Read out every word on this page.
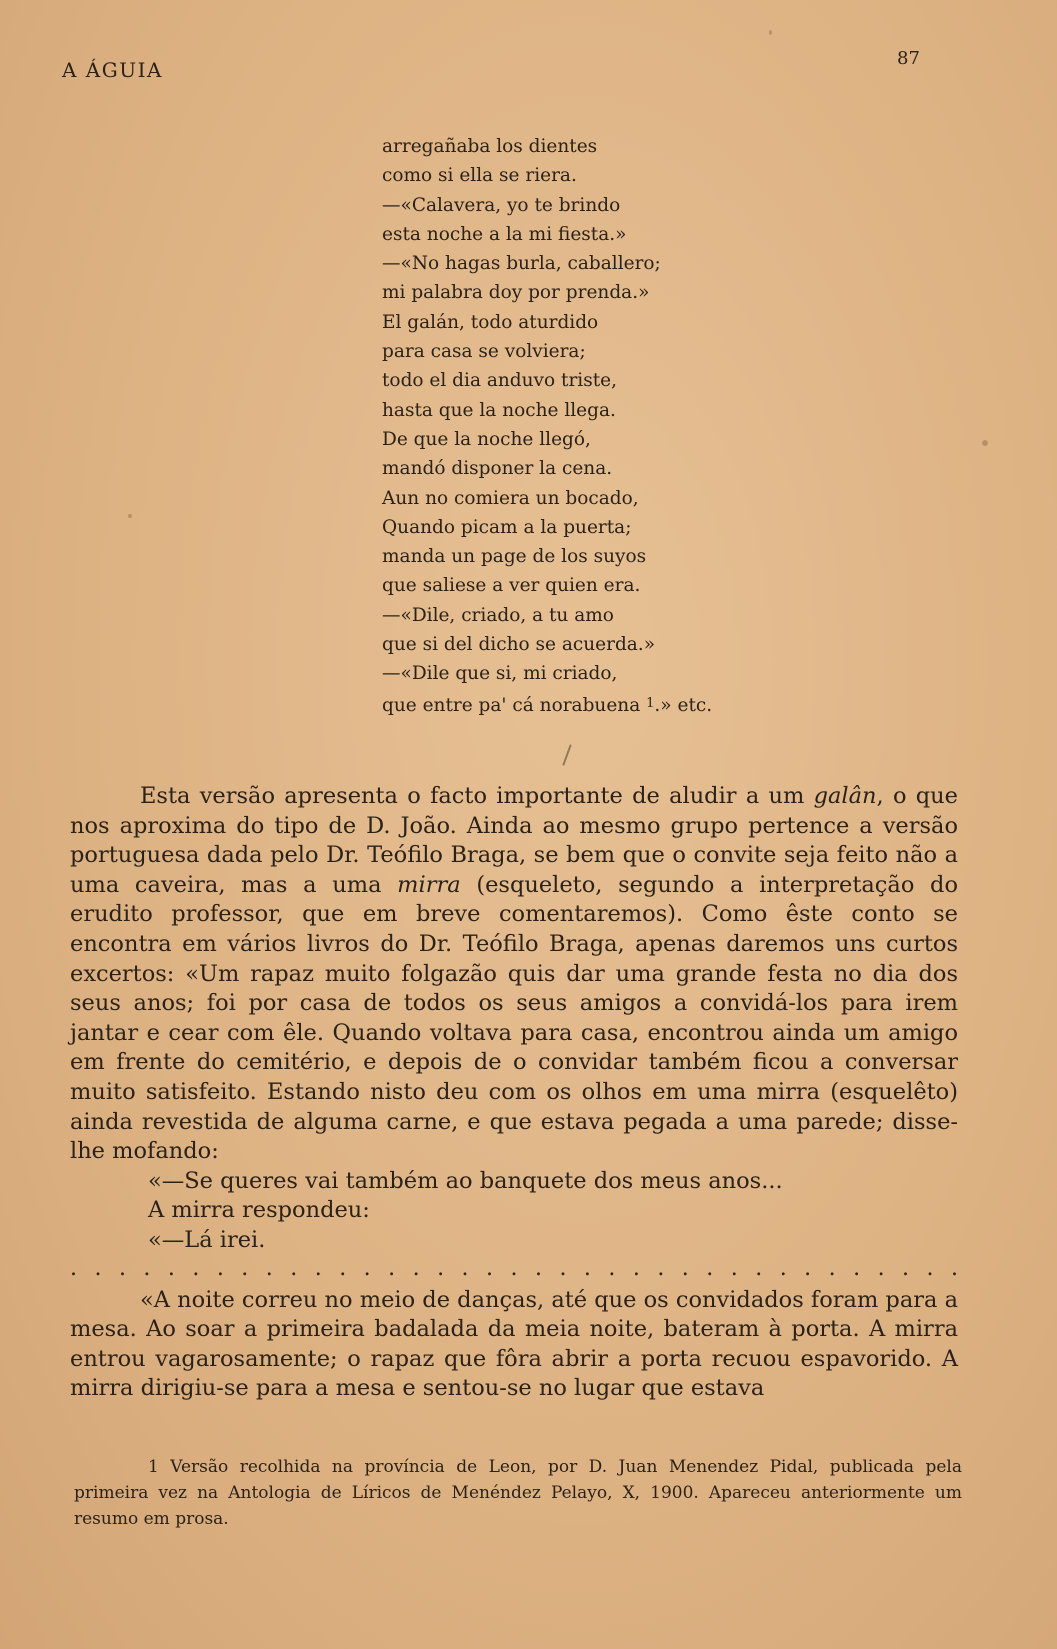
A ÁGUIA	87
arregañaba los dientes
como si ella se riera.
—«Calavera, yo te brindo
esta noche a la mi fiesta.»
—«No hagas burla, caballero;
mi palabra doy por prenda.»
El galán, todo aturdido
para casa se volviera;
todo el dia anduvo triste,
hasta que la noche llega.
De que la noche llegó,
mandó disponer la cena.
Aun no comiera un bocado,
Quando picam a la puerta;
manda un page de los suyos
que saliese a ver quien era.
—«Dile, criado, a tu amo
que si del dicho se acuerda.»
—«Dile que si, mi criado,
que entre pa' cá norabuena $^1$.» etc.

Esta versão apresenta o facto importante de aludir a um galân, o que nos aproxima do tipo de D. João. Ainda ao mesmo grupo pertence a versão portuguesa dada pelo Dr. Teófilo Braga, se bem que o convite seja feito não a uma caveira, mas a uma mirra (esqueleto, segundo a interpretação do erudito professor, que em breve comentaremos). Como êste conto se encontra em vários livros do Dr. Teófilo Braga, apenas daremos uns curtos excertos: «Um rapaz muito folgazão quis dar uma grande festa no dia dos seus anos; foi por casa de todos os seus amigos a convidá-los para irem jantar e cear com êle. Quando voltava para casa, encontrou ainda um amigo em frente do cemitério, e depois de o convidar também ficou a conversar muito satisfeito. Estando nisto deu com os olhos em uma mirra (esquelêto) ainda revestida de alguma carne, e que estava pegada a uma parede; disse-lhe mofando:

«—Se queres vai também ao banquete dos meus anos...

A mirra respondeu:

«—Lá irei.

. . . . . . . . . . . . . . . . . . . . . . . . . . . . . . . . . . . . .

«A noite correu no meio de danças, até que os convidados foram para a mesa. Ao soar a primeira badalada da meia noite, bateram à porta. A mirra entrou vagarosamente; o rapaz que fôra abrir a porta recuou espavorido. A mirra dirigiu-se para a mesa e sentou-se no lugar que estava

1 Versão recolhida na província de Leon, por D. Juan Menendez Pidal, publicada pela primeira vez na Antologia de Líricos de Menéndez Pelayo, X, 1900. Apareceu anteriormente um resumo em prosa.
